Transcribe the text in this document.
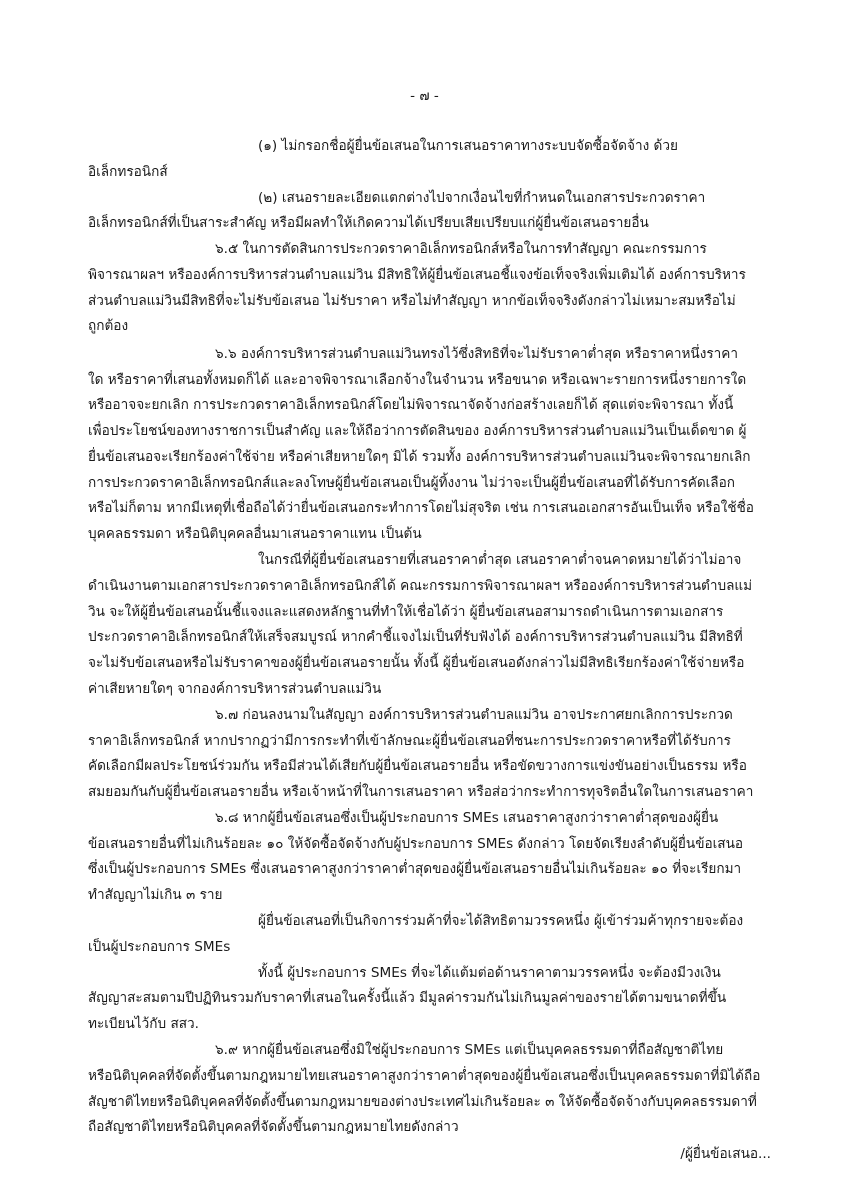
- ๗ -
(๑) ไม่กรอกชื่อผู้ยื่นข้อเสนอในการเสนอราคาทางระบบจัดซื้อจัดจ้าง ด้วย
อิเล็กทรอนิกส์
(๒) เสนอรายละเอียดแตกต่างไปจากเงื่อนไขที่กำหนดในเอกสารประกวดราคา
อิเล็กทรอนิกส์ที่เป็นสาระสำคัญ หรือมีผลทำให้เกิดความได้เปรียบเสียเปรียบแก่ผู้ยื่นข้อเสนอรายอื่น
๖.๕ ในการตัดสินการประกวดราคาอิเล็กทรอนิกส์หรือในการทำสัญญา คณะกรรมการ
พิจารณาผลฯ หรือองค์การบริหารส่วนตำบลแม่วิน มีสิทธิให้ผู้ยื่นข้อเสนอชี้แจงข้อเท็จจริงเพิ่มเติมได้ องค์การบริหาร
ส่วนตำบลแม่วินมีสิทธิที่จะไม่รับข้อเสนอ ไม่รับราคา หรือไม่ทำสัญญา หากข้อเท็จจริงดังกล่าวไม่เหมาะสมหรือไม่
ถูกต้อง
๖.๖ องค์การบริหารส่วนตำบลแม่วินทรงไว้ซึ่งสิทธิที่จะไม่รับราคาต่ำสุด หรือราคาหนึ่งราคา
ใด หรือราคาที่เสนอทั้งหมดก็ได้ และอาจพิจารณาเลือกจ้างในจำนวน หรือขนาด หรือเฉพาะรายการหนึ่งรายการใด
หรืออาจจะยกเลิก การประกวดราคาอิเล็กทรอนิกส์โดยไม่พิจารณาจัดจ้างก่อสร้างเลยก็ได้ สุดแต่จะพิจารณา ทั้งนี้
เพื่อประโยชน์ของทางราชการเป็นสำคัญ และให้ถือว่าการตัดสินของ องค์การบริหารส่วนตำบลแม่วินเป็นเด็ดขาด ผู้
ยื่นข้อเสนอจะเรียกร้องค่าใช้จ่าย หรือค่าเสียหายใดๆ มิได้ รวมทั้ง องค์การบริหารส่วนตำบลแม่วินจะพิจารณายกเลิก
การประกวดราคาอิเล็กทรอนิกส์และลงโทษผู้ยื่นข้อเสนอเป็นผู้ทิ้งงาน ไม่ว่าจะเป็นผู้ยื่นข้อเสนอที่ได้รับการคัดเลือก
หรือไม่ก็ตาม หากมีเหตุที่เชื่อถือได้ว่ายื่นข้อเสนอกระทำการโดยไม่สุจริต เช่น การเสนอเอกสารอันเป็นเท็จ หรือใช้ชื่อ
บุคคลธรรมดา หรือนิติบุคคลอื่นมาเสนอราคาแทน เป็นต้น
ในกรณีที่ผู้ยื่นข้อเสนอรายที่เสนอราคาต่ำสุด เสนอราคาต่ำจนคาดหมายได้ว่าไม่อาจ
ดำเนินงานตามเอกสารประกวดราคาอิเล็กทรอนิกส์ได้ คณะกรรมการพิจารณาผลฯ หรือองค์การบริหารส่วนตำบลแม่
วิน จะให้ผู้ยื่นข้อเสนอนั้นชี้แจงและแสดงหลักฐานที่ทำให้เชื่อได้ว่า ผู้ยื่นข้อเสนอสามารถดำเนินการตามเอกสาร
ประกวดราคาอิเล็กทรอนิกส์ให้เสร็จสมบูรณ์ หากคำชี้แจงไม่เป็นที่รับฟังได้ องค์การบริหารส่วนตำบลแม่วิน มีสิทธิที่
จะไม่รับข้อเสนอหรือไม่รับราคาของผู้ยื่นข้อเสนอรายนั้น ทั้งนี้ ผู้ยื่นข้อเสนอดังกล่าวไม่มีสิทธิเรียกร้องค่าใช้จ่ายหรือ
ค่าเสียหายใดๆ จากองค์การบริหารส่วนตำบลแม่วิน
๖.๗ ก่อนลงนามในสัญญา องค์การบริหารส่วนตำบลแม่วิน อาจประกาศยกเลิกการประกวด
ราคาอิเล็กทรอนิกส์ หากปรากฏว่ามีการกระทำที่เข้าลักษณะผู้ยื่นข้อเสนอที่ชนะการประกวดราคาหรือที่ได้รับการ
คัดเลือกมีผลประโยชน์ร่วมกัน หรือมีส่วนได้เสียกับผู้ยื่นข้อเสนอรายอื่น หรือขัดขวางการแข่งขันอย่างเป็นธรรม หรือ
สมยอมกันกับผู้ยื่นข้อเสนอรายอื่น หรือเจ้าหน้าที่ในการเสนอราคา หรือส่อว่ากระทำการทุจริตอื่นใดในการเสนอราคา
๖.๘ หากผู้ยื่นข้อเสนอซึ่งเป็นผู้ประกอบการ SMEs เสนอราคาสูงกว่าราคาต่ำสุดของผู้ยื่น
ข้อเสนอรายอื่นที่ไม่เกินร้อยละ ๑๐ ให้จัดซื้อจัดจ้างกับผู้ประกอบการ SMEs ดังกล่าว โดยจัดเรียงลำดับผู้ยื่นข้อเสนอ
ซึ่งเป็นผู้ประกอบการ SMEs ซึ่งเสนอราคาสูงกว่าราคาต่ำสุดของผู้ยื่นข้อเสนอรายอื่นไม่เกินร้อยละ ๑๐ ที่จะเรียกมา
ทำสัญญาไม่เกิน ๓ ราย
ผู้ยื่นข้อเสนอที่เป็นกิจการร่วมค้าที่จะได้สิทธิตามวรรคหนึ่ง ผู้เข้าร่วมค้าทุกรายจะต้อง
เป็นผู้ประกอบการ SMEs
ทั้งนี้ ผู้ประกอบการ SMEs ที่จะได้แต้มต่อด้านราคาตามวรรคหนึ่ง จะต้องมีวงเงิน
สัญญาสะสมตามปีปฏิทินรวมกับราคาที่เสนอในครั้งนี้แล้ว มีมูลค่ารวมกันไม่เกินมูลค่าของรายได้ตามขนาดที่ขึ้น
ทะเบียนไว้กับ สสว.
๖.๙ หากผู้ยื่นข้อเสนอซึ่งมิใช่ผู้ประกอบการ SMEs แต่เป็นบุคคลธรรมดาที่ถือสัญชาติไทย
หรือนิติบุคคลที่จัดตั้งขึ้นตามกฎหมายไทยเสนอราคาสูงกว่าราคาต่ำสุดของผู้ยื่นข้อเสนอซึ่งเป็นบุคคลธรรมดาที่มิได้ถือ
สัญชาติไทยหรือนิติบุคคลที่จัดตั้งขึ้นตามกฎหมายของต่างประเทศไม่เกินร้อยละ ๓ ให้จัดซื้อจัดจ้างกับบุคคลธรรมดาที่
ถือสัญชาติไทยหรือนิติบุคคลที่จัดตั้งขึ้นตามกฎหมายไทยดังกล่าว
/ผู้ยื่นข้อเสนอ...
